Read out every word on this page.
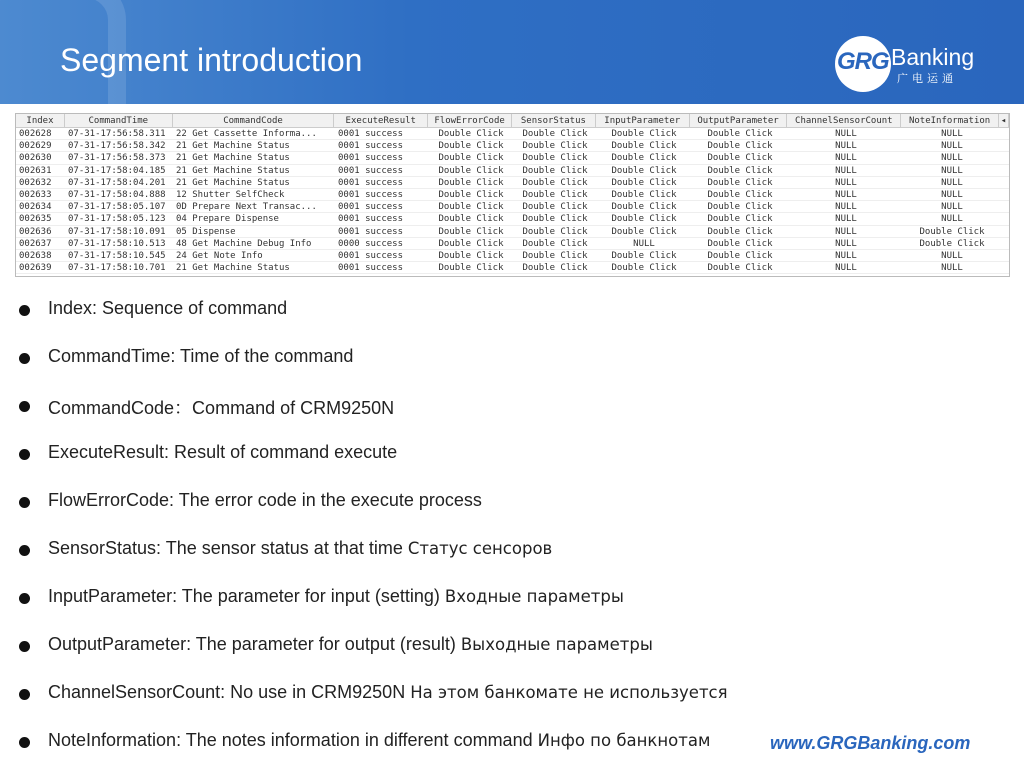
Segment introduction	GRG Banking
广电运通
Index	CommandTime	CommandCode	ExecuteResult	FlowErrorCode	SensorStatus	InputParameter	OutputParameter	ChannelSensorCount	NoteInformation	◂
002628	07-31-17:56:58.311	22 Get Cassette Informa...	0001 success	Double Click	Double Click	Double Click	Double Click	NULL	NULL
002629	07-31-17:56:58.342	21 Get Machine Status	0001 success	Double Click	Double Click	Double Click	Double Click	NULL	NULL
002630	07-31-17:56:58.373	21 Get Machine Status	0001 success	Double Click	Double Click	Double Click	Double Click	NULL	NULL
002631	07-31-17:58:04.185	21 Get Machine Status	0001 success	Double Click	Double Click	Double Click	Double Click	NULL	NULL
002632	07-31-17:58:04.201	21 Get Machine Status	0001 success	Double Click	Double Click	Double Click	Double Click	NULL	NULL
002633	07-31-17:58:04.888	12 Shutter SelfCheck	0001 success	Double Click	Double Click	Double Click	Double Click	NULL	NULL
002634	07-31-17:58:05.107	0D Prepare Next Transac...	0001 success	Double Click	Double Click	Double Click	Double Click	NULL	NULL
002635	07-31-17:58:05.123	04 Prepare Dispense	0001 success	Double Click	Double Click	Double Click	Double Click	NULL	NULL
002636	07-31-17:58:10.091	05 Dispense	0001 success	Double Click	Double Click	Double Click	Double Click	NULL	Double Click
002637	07-31-17:58:10.513	48 Get Machine Debug Info	0000 success	Double Click	Double Click	NULL	Double Click	NULL	Double Click
002638	07-31-17:58:10.545	24 Get Note Info	0001 success	Double Click	Double Click	Double Click	Double Click	NULL	NULL
002639	07-31-17:58:10.701	21 Get Machine Status	0001 success	Double Click	Double Click	Double Click	Double Click	NULL	NULL
Index: Sequence of command
CommandTime: Time of the command
CommandCode：Command of CRM9250N
ExecuteResult: Result of command execute
FlowErrorCode: The error code in the execute process
SensorStatus: The sensor status at that time Статус сенсоров
InputParameter: The parameter for input (setting) Входные параметры
OutputParameter: The parameter for output (result) Выходные параметры
ChannelSensorCount: No use in CRM9250N На этом банкомате не используется
NoteInformation: The notes information in different command Инфо по банкнотам	www.GRGBanking.com
